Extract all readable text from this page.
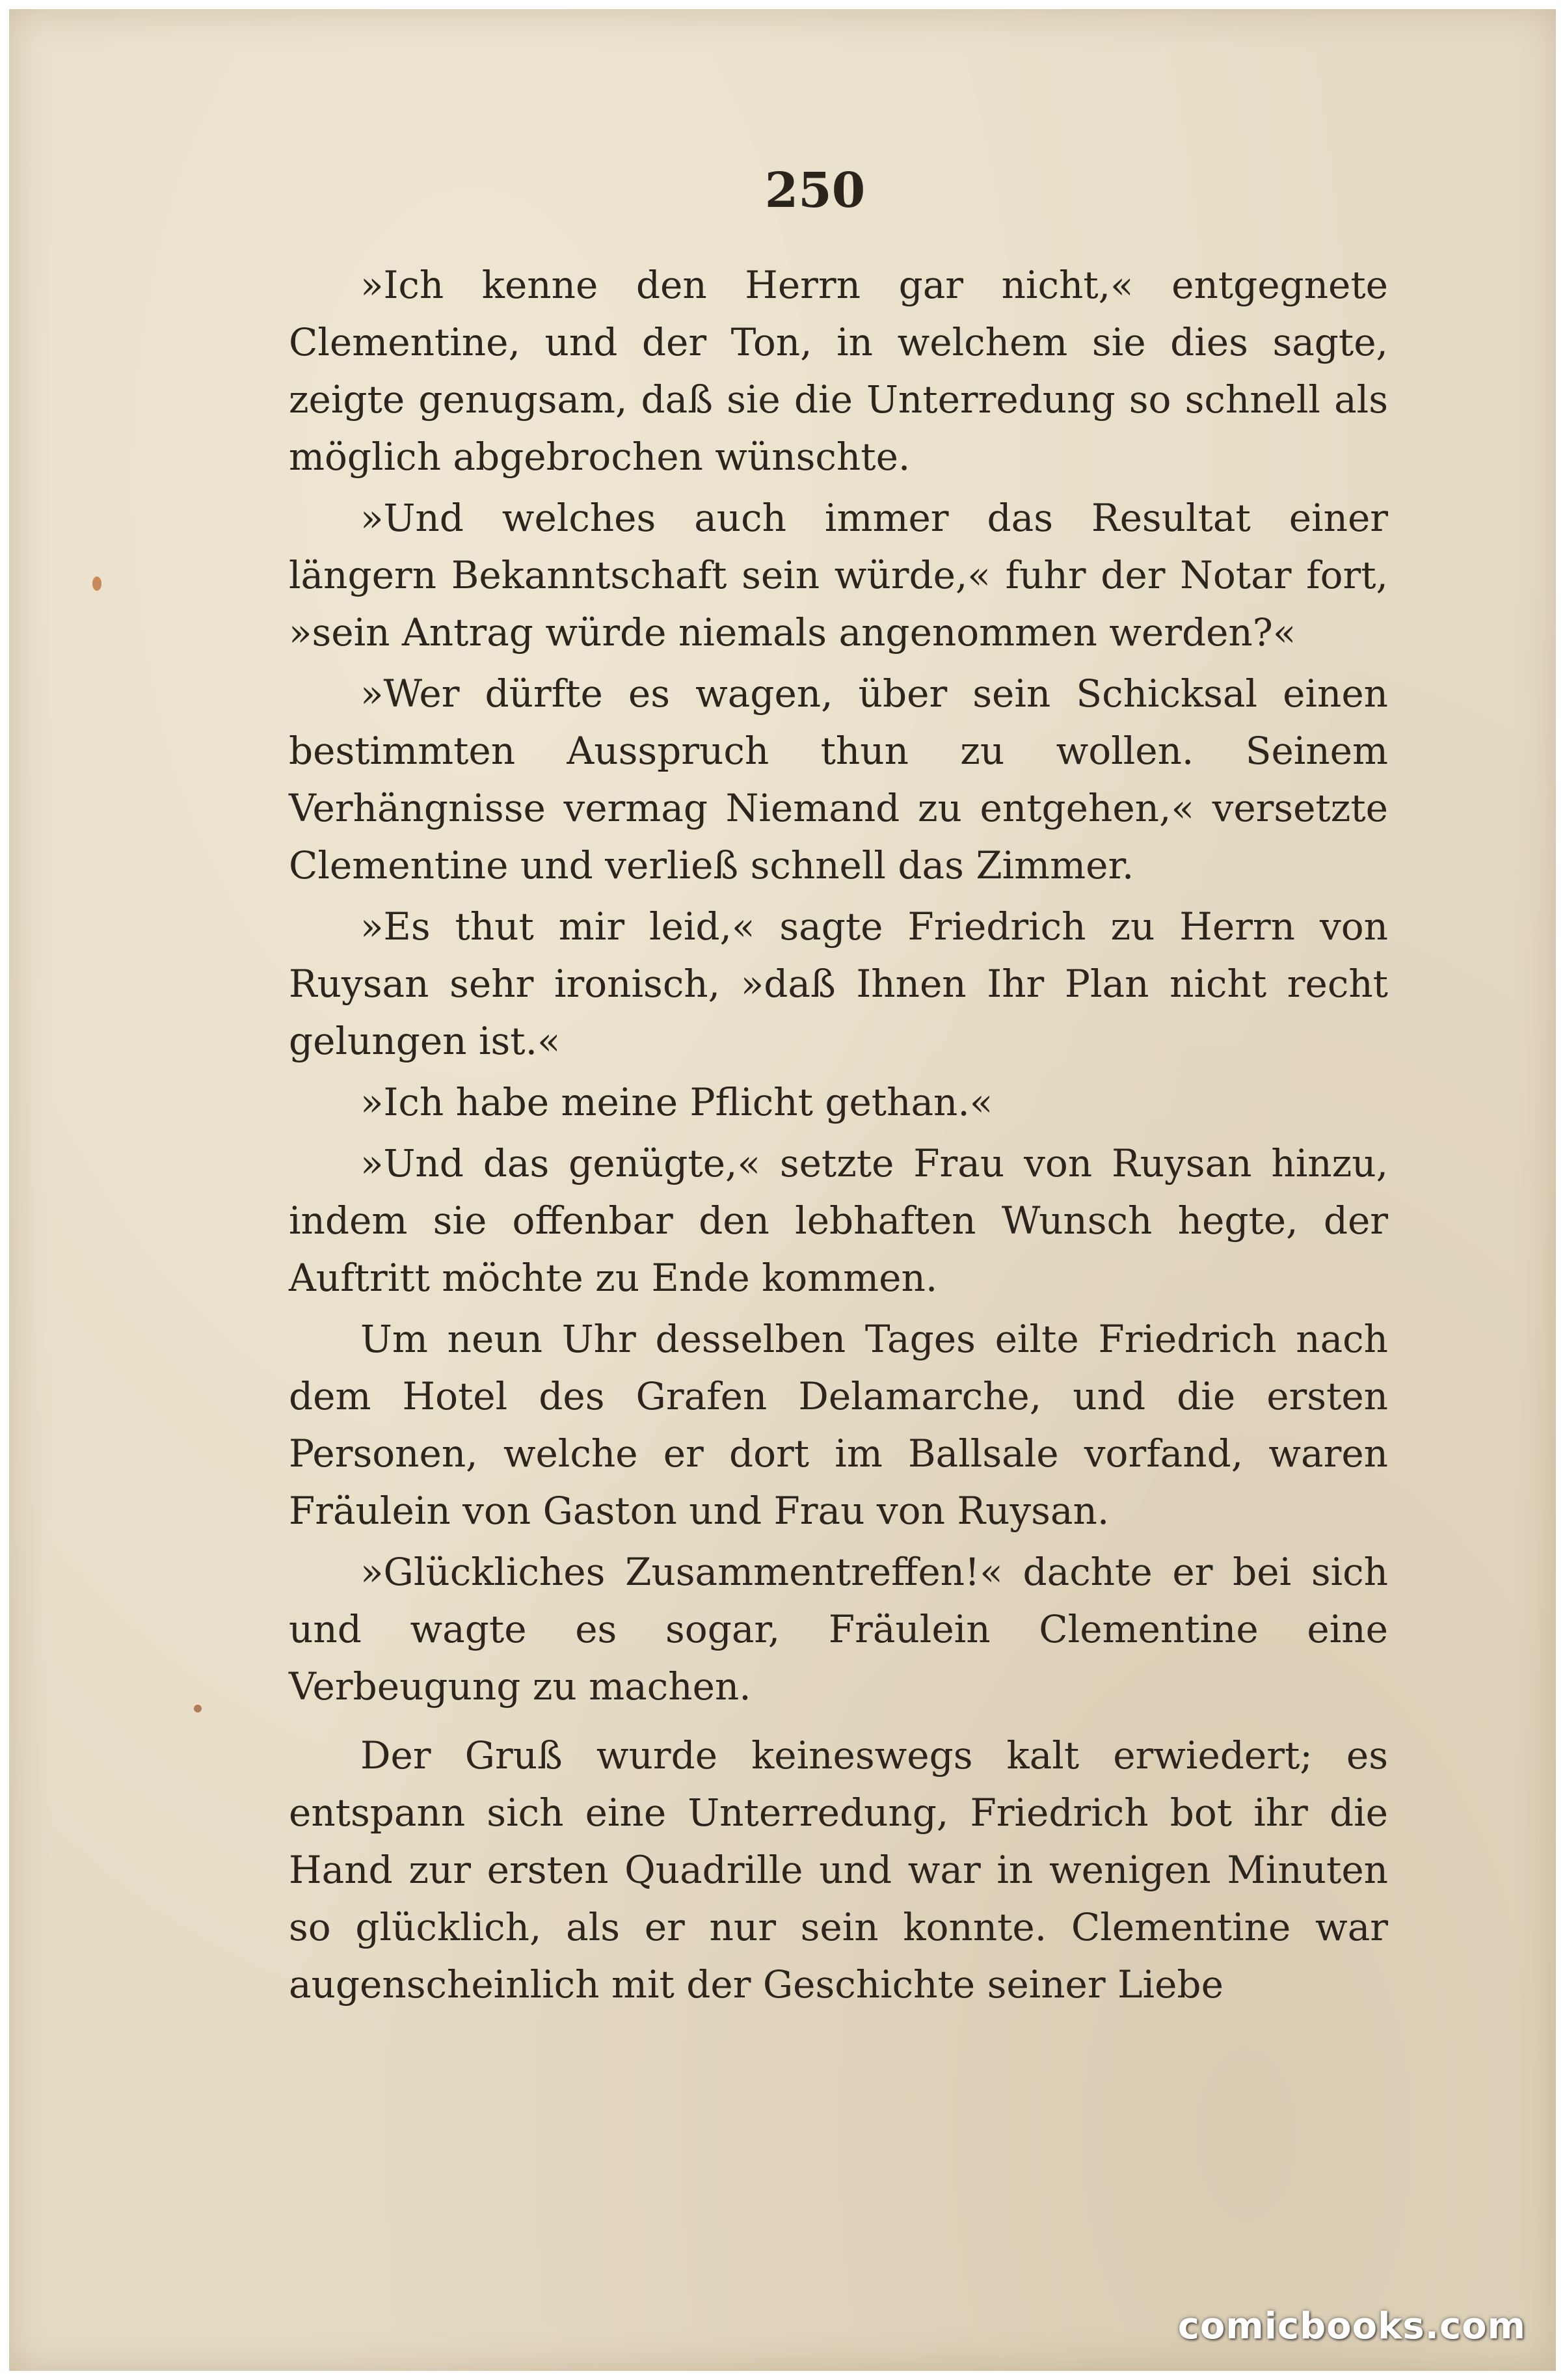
250

»Ich kenne den Herrn gar nicht,« entgegnete Clementine, und der Ton, in welchem sie dies sagte, zeigte genugsam, daß sie die Unterredung so schnell als möglich abgebrochen wünschte.

»Und welches auch immer das Resultat einer längern Bekanntschaft sein würde,« fuhr der Notar fort, »sein Antrag würde niemals angenommen werden?«

»Wer dürfte es wagen, über sein Schicksal einen bestimmten Ausspruch thun zu wollen. Seinem Verhängnisse vermag Niemand zu entgehen,« versetzte Clementine und verließ schnell das Zimmer.

»Es thut mir leid,« sagte Friedrich zu Herrn von Ruysan sehr ironisch, »daß Ihnen Ihr Plan nicht recht gelungen ist.«

»Ich habe meine Pflicht gethan.«

»Und das genügte,« setzte Frau von Ruysan hinzu, indem sie offenbar den lebhaften Wunsch hegte, der Auftritt möchte zu Ende kommen.

Um neun Uhr desselben Tages eilte Friedrich nach dem Hotel des Grafen Delamarche, und die ersten Personen, welche er dort im Ballsale vorfand, waren Fräulein von Gaston und Frau von Ruysan.

»Glückliches Zusammentreffen!« dachte er bei sich und wagte es sogar, Fräulein Clementine eine Verbeugung zu machen.

Der Gruß wurde keineswegs kalt erwiedert; es entspann sich eine Unterredung, Friedrich bot ihr die Hand zur ersten Quadrille und war in wenigen Minuten so glücklich, als er nur sein konnte. Clementine war augenscheinlich mit der Geschichte seiner Liebe

comicbooks.com
